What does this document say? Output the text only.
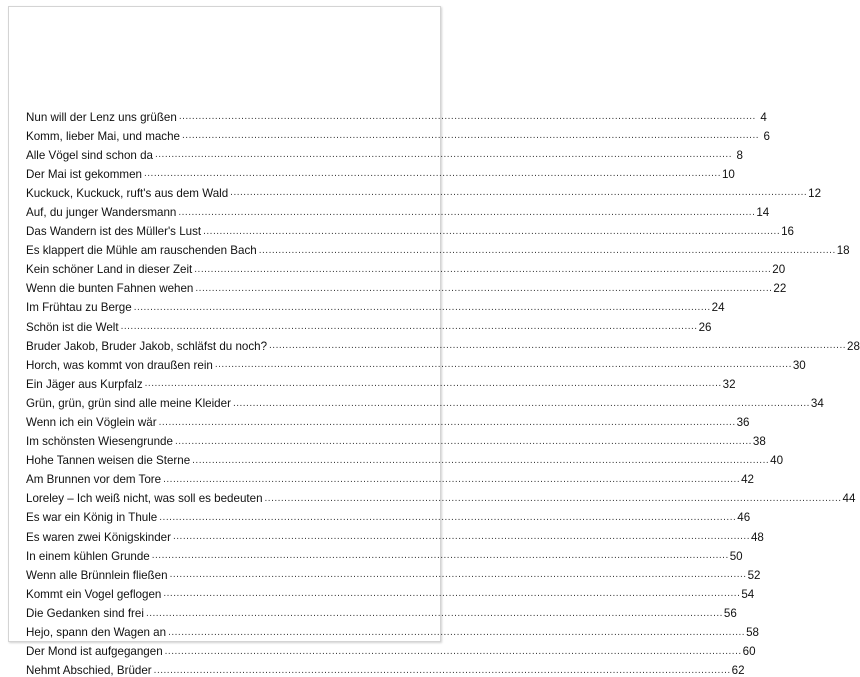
Nun will der Lenz uns grüßen .....	4
Komm, lieber Mai, und mache .....	6
Alle Vögel sind schon da .....	8
Der Mai ist gekommen .....	10
Kuckuck, Kuckuck, ruft's aus dem Wald .....	12
Auf, du junger Wandersmann .....	14
Das Wandern ist des Müller's Lust .....	16
Es klappert die Mühle am rauschenden Bach .....	18
Kein schöner Land in dieser Zeit .....	20
Wenn die bunten Fahnen wehen .....	22
Im Frühtau zu Berge .....	24
Schön ist die Welt .....	26
Bruder Jakob, Bruder Jakob, schläfst du noch? .....	28
Horch, was kommt von draußen rein .....	30
Ein Jäger aus Kurpfalz .....	32
Grün, grün, grün sind alle meine Kleider .....	34
Wenn ich ein Vöglein wär .....	36
Im schönsten Wiesengrunde .....	38
Hohe Tannen weisen die Sterne .....	40
Am Brunnen vor dem Tore .....	42
Loreley – Ich weiß nicht, was soll es bedeuten .....	44
Es war ein König in Thule .....	46
Es waren zwei Königskinder .....	48
In einem kühlen Grunde .....	50
Wenn alle Brünnlein fließen .....	52
Kommt ein Vogel geflogen .....	54
Die Gedanken sind frei .....	56
Hejo, spann den Wagen an .....	58
Der Mond ist aufgegangen .....	60
Nehmt Abschied, Brüder .....	62
